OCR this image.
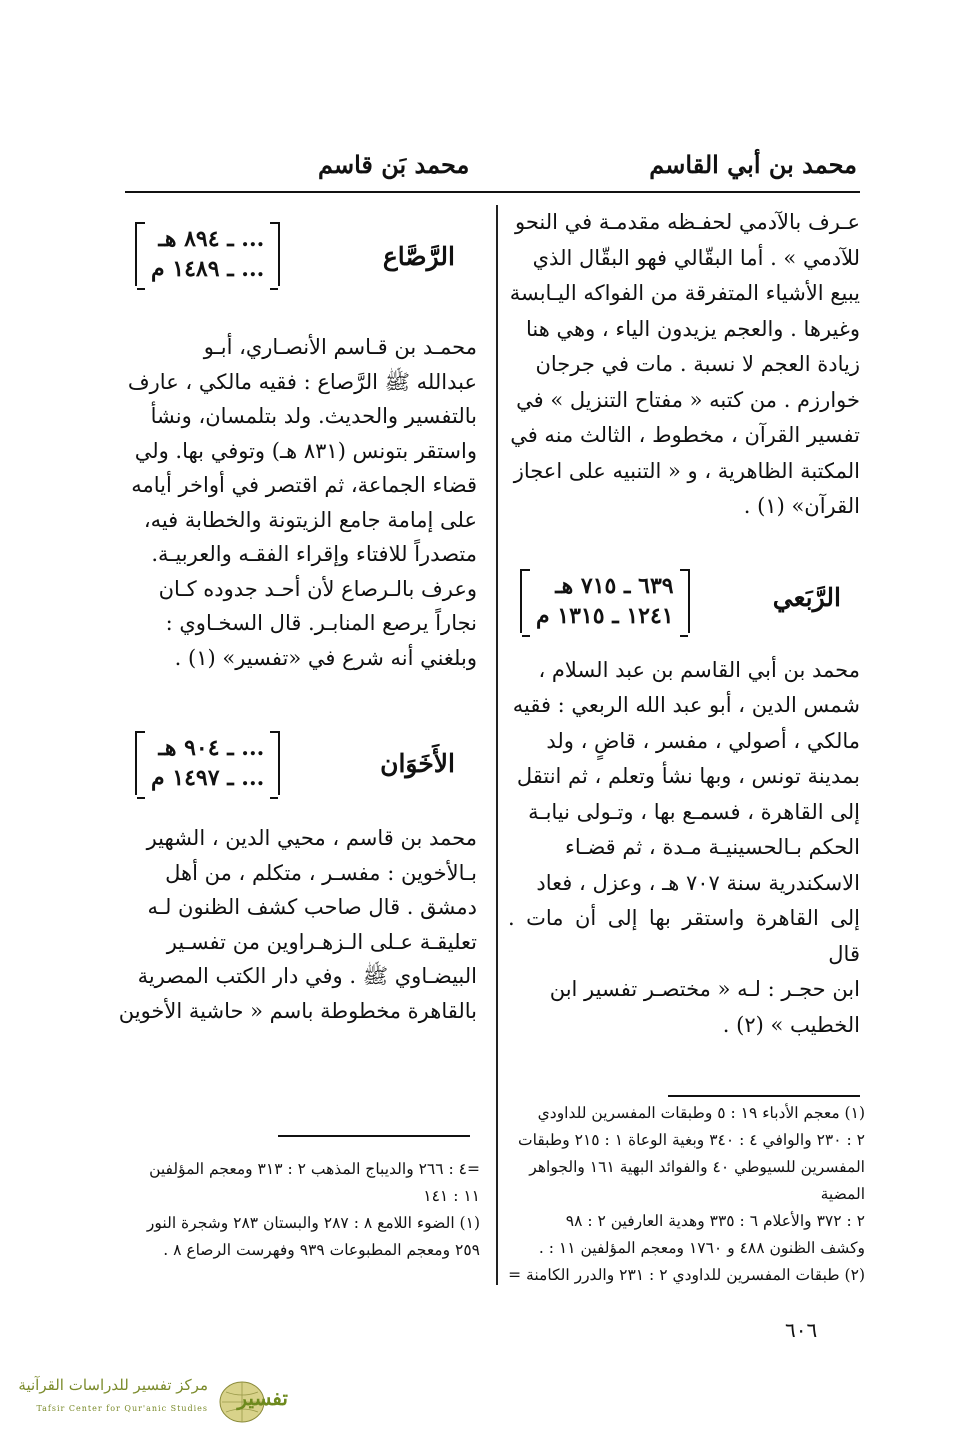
محمد بن أبي القاسم
محمد بَن قاسم

عـرف بالآدمي لحفـظه مقدمـة في النحو

للآدمي » . أما البقّالي فهو البقّال الذي

يبيع الأشياء المتفرقة من الفواكه اليـابسة

وغيرها . والعجم يزيدون الياء ، وهي هنا

زيادة العجم لا نسبة . مات في جرجان

خوارزم . من كتبه « مفتاح التنزيل » في

تفسير القرآن ، مخطوط ، الثالث منه في

المكتبة الظاهرية ، و « التنبيه على اعجاز

القرآن» (١) .

الرَّبَعي
٦٣٩ ـ ٧١٥ هـ
١٢٤١ ـ ١٣١٥ م

محمد بن أبي القاسم بن عبد السلام ،

شمس الدين ، أبو عبد الله الربعي : فقيه

مالكي ، أصولي ، مفسر ، قاضٍ ، ولد

بمدينة تونس ، وبها نشأ وتعلم ، ثم انتقل

إلى القاهرة ، فسمـع بها ، وتـولى نيابـة

الحكم بـالحسينيـة مـدة ، ثم قضـاء

الاسكندرية سنة ٧٠٧ هـ ، وعزل ، فعاد

إلى القاهرة واستقر بها إلى أن مات . قال

ابن حجـر : لـه « مختصـر تفسير ابن

الخطيب » (٢) .

(١) معجم الأدباء ١٩ : ٥ وطبقات المفسرين للداودي

٢ : ٢٣٠ والوافي ٤ : ٣٤٠ وبغية الوعاة ١ : ٢١٥ وطبقات

المفسرين للسيوطي ٤٠ والفوائد البهية ١٦١ والجواهر المضية

٢ : ٣٧٢ والأعلام ٦ : ٣٣٥ وهدية العارفين ٢ : ٩٨

وكشف الظنون ٤٨٨ و ١٧٦٠ ومعجم المؤلفين ١١ : .

(٢) طبقات المفسرين للداودي ٢ : ٢٣١ والدرر الكامنة =

الرَّصَّاع
... ـ ٨٩٤ هـ
... ـ ١٤٨٩ م

محمـد بن قـاسم الأنصـاري، أبـو

عبدالله ﷺ الرَّصاع : فقيه مالكي ، عارف

بالتفسير والحديث. ولد بتلمسان، ونشأ

واستقر بتونس (٨٣١ هـ) وتوفي بها. ولي

قضاء الجماعة، ثم اقتصر في أواخر أيامه

على إمامة جامع الزيتونة والخطابة فيه،

متصدراً للافتاء وإقراء الفقـه والعربيـة.

وعرف بالـرصاع لأن أحـد جدوده كـان

نجاراً يرصع المنابـر. قال السخـاوي :

وبلغني أنه شرع في «تفسير» (١) .

الأَخَوَان
... ـ ٩٠٤ هـ
... ـ ١٤٩٧ م

محمد بن قاسم ، محيي الدين ، الشهير

بـالأخوين : مفسـر ، متكلم ، من أهل

دمشق . قال صاحب كشف الظنون لـه

تعليقـة عـلى الـزهـراوين من تفسـير

البيضـاوي ﷺ . وفي دار الكتب المصرية

بالقاهرة مخطوطة باسم « حاشية الأخوين

=٤ : ٢٦٦ والديباج المذهب ٢ : ٣١٣ ومعجم المؤلفين

١١ : ١٤١

(١) الضوء اللامع ٨ : ٢٨٧ والبستان ٢٨٣ وشجرة النور

٢٥٩ ومعجم المطبوعات ٩٣٩ وفهرست الرصاع ٨ .

٦٠٦
مركز تفسير للدراسات القرآنية
Tafsir Center for Qur'anic Studies تفسير
